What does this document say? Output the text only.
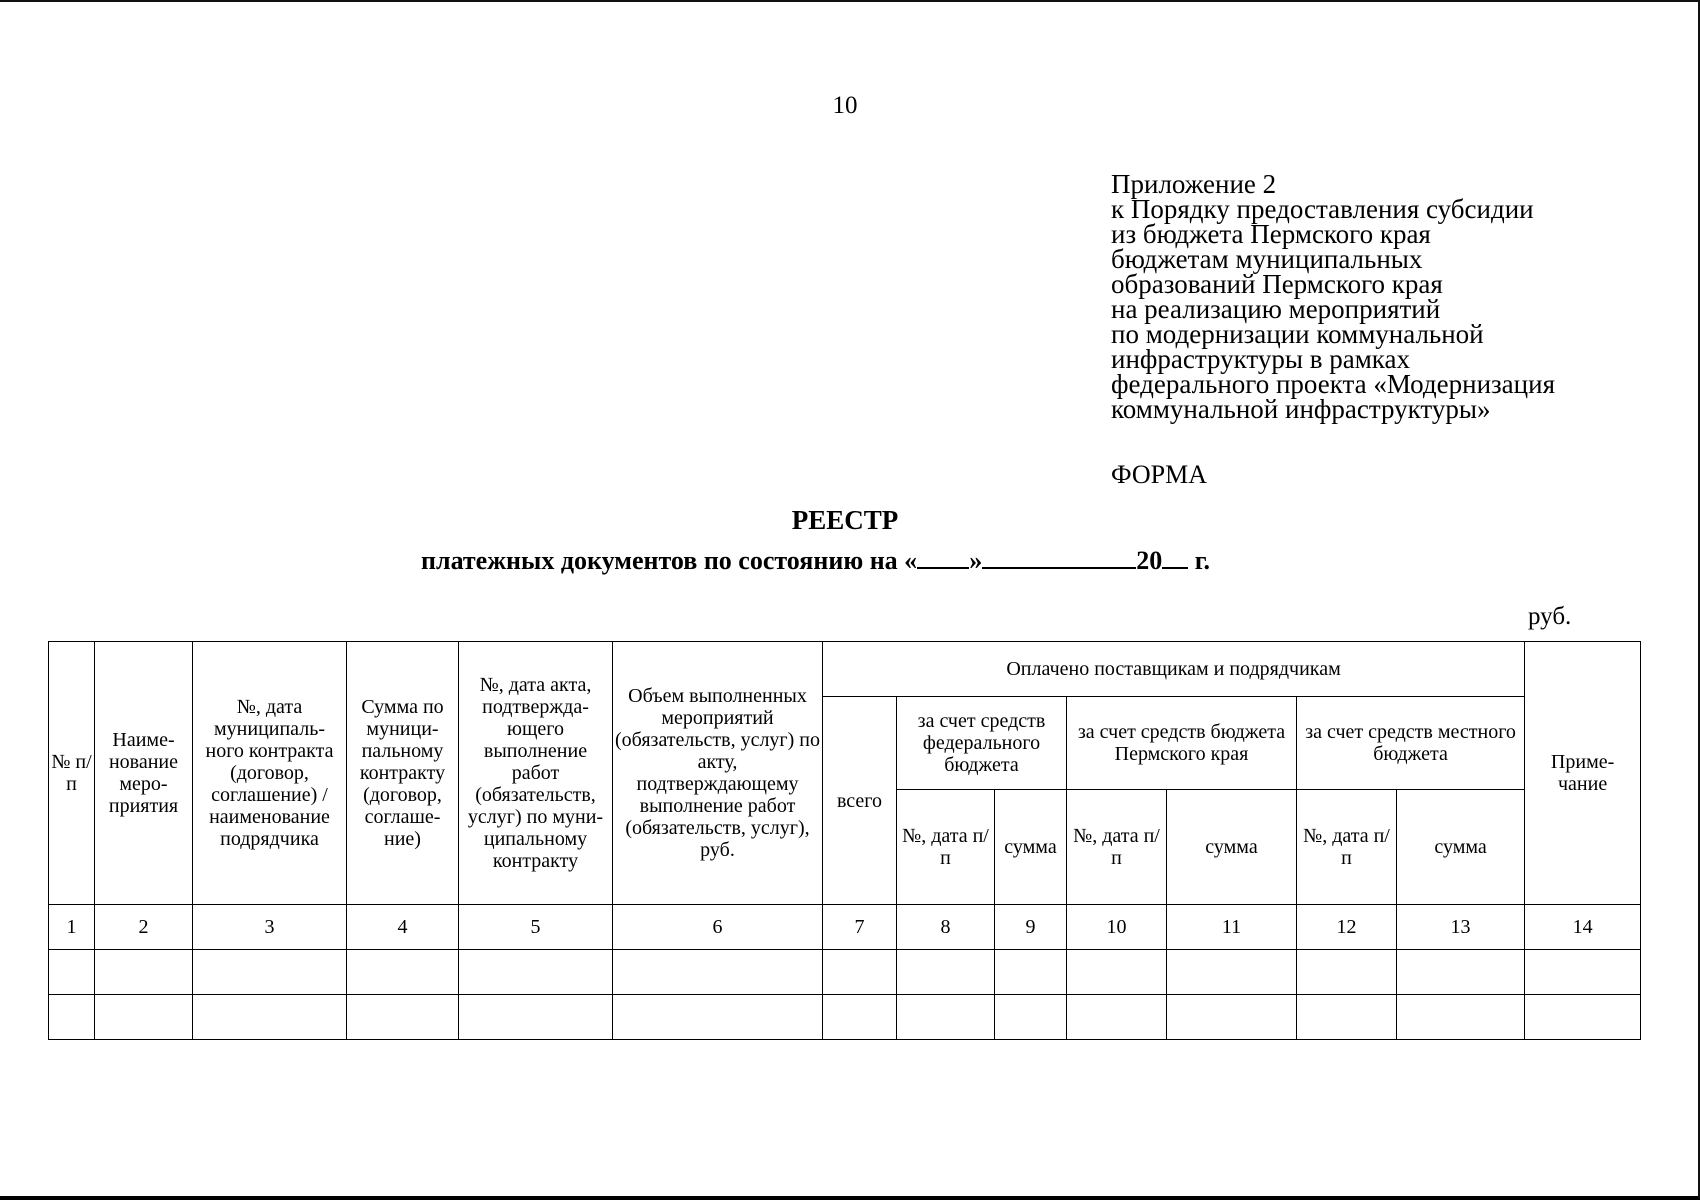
10
Приложение 2
к Порядку предоставления субсидии
из бюджета Пермского края
бюджетам муниципальных
образований Пермского края
на реализацию мероприятий
по модернизации коммунальной
инфраструктуры в рамках
федерального проекта «Модернизация
коммунальной инфраструктуры»
ФОРМА
РЕЕСТР
платежных документов по состоянию на « »	20 г.
руб.
№ п/п	Наиме-нование меро-приятия	№, дата муниципаль-ного контракта (договор, соглашение) / наименование подрядчика	Сумма по муници-пальному контракту (договор, соглаше-ние)	№, дата акта, подтвержда-ющего выполнение работ (обязательств, услуг) по муни-ципальному контракту	Объем выполненных мероприятий (обязательств, услуг) по акту, подтверждающему выполнение работ (обязательств, услуг), руб.	Оплачено поставщикам и подрядчикам							Приме-чание
						всего	за счет средств федерального бюджета		за счет средств бюджета Пермского края		за счет средств местного бюджета		
							№, дата п/п	сумма	№, дата п/п	сумма	№, дата п/п	сумма	
1	2	3	4	5	6	7	8	9	10	11	12	13	14
